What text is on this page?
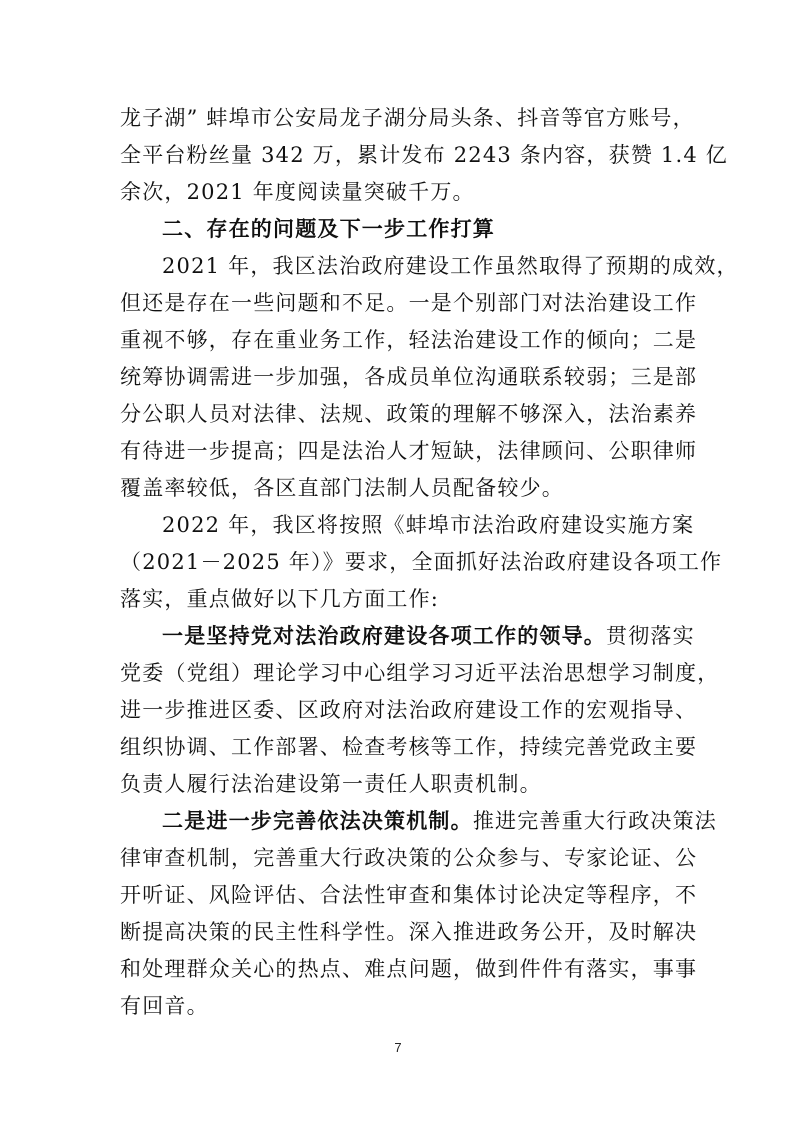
龙子湖” 蚌埠市公安局龙子湖分局头条、抖音等官方账号，
全平台粉丝量 342 万，累计发布 2243 条内容，获赞 1.4 亿
余次，2021 年度阅读量突破千万。
二、存在的问题及下一步工作打算
2021 年，我区法治政府建设工作虽然取得了预期的成效，
但还是存在一些问题和不足。一是个别部门对法治建设工作
重视不够，存在重业务工作，轻法治建设工作的倾向；二是
统筹协调需进一步加强，各成员单位沟通联系较弱；三是部
分公职人员对法律、法规、政策的理解不够深入，法治素养
有待进一步提高；四是法治人才短缺，法律顾问、公职律师
覆盖率较低，各区直部门法制人员配备较少。
2022 年，我区将按照《蚌埠市法治政府建设实施方案
（2021－2025 年）》要求，全面抓好法治政府建设各项工作
落实，重点做好以下几方面工作:
一是坚持党对法治政府建设各项工作的领导。贯彻落实
党委（党组）理论学习中心组学习习近平法治思想学习制度，
进一步推进区委、区政府对法治政府建设工作的宏观指导、
组织协调、工作部署、检查考核等工作，持续完善党政主要
负责人履行法治建设第一责任人职责机制。
二是进一步完善依法决策机制。推进完善重大行政决策法
律审查机制，完善重大行政决策的公众参与、专家论证、公
开听证、风险评估、合法性审查和集体讨论决定等程序，不
断提高决策的民主性科学性。深入推进政务公开，及时解决
和处理群众关心的热点、难点问题，做到件件有落实，事事
有回音。
7
